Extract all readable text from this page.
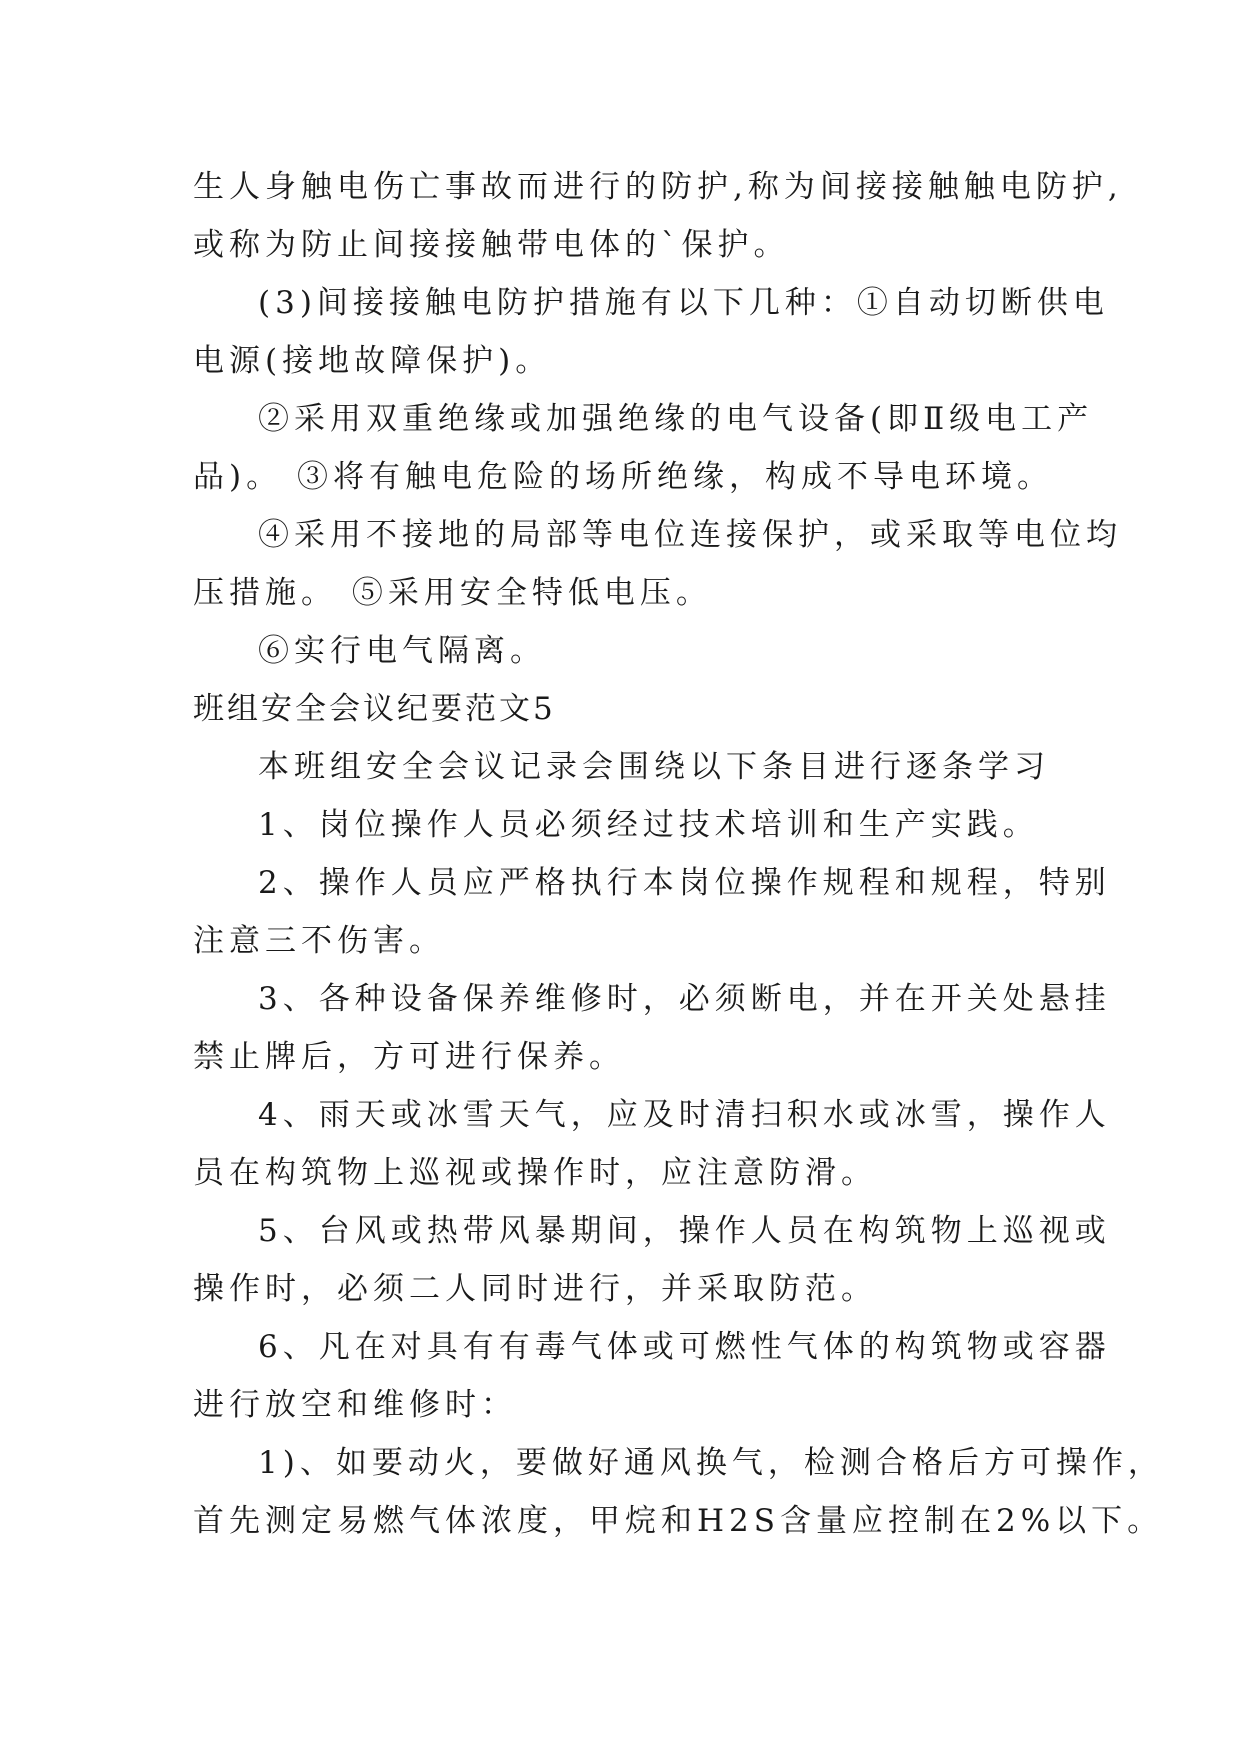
生人身触电伤亡事故而进行的防护,称为间接接触触电防护,
或称为防止间接接触带电体的`保护。
(3)间接接触电防护措施有以下几种：①自动切断供电
电源(接地故障保护)。
②采用双重绝缘或加强绝缘的电气设备(即Ⅱ级电工产
品)。 ③将有触电危险的场所绝缘，构成不导电环境。
④采用不接地的局部等电位连接保护，或采取等电位均
压措施。 ⑤采用安全特低电压。
⑥实行电气隔离。
班组安全会议纪要范文5
本班组安全会议记录会围绕以下条目进行逐条学习
1、岗位操作人员必须经过技术培训和生产实践。
2、操作人员应严格执行本岗位操作规程和规程，特别
注意三不伤害。
3、各种设备保养维修时，必须断电，并在开关处悬挂
禁止牌后，方可进行保养。
4、雨天或冰雪天气，应及时清扫积水或冰雪，操作人
员在构筑物上巡视或操作时，应注意防滑。
5、台风或热带风暴期间，操作人员在构筑物上巡视或
操作时，必须二人同时进行，并采取防范。
6、凡在对具有有毒气体或可燃性气体的构筑物或容器
进行放空和维修时：
1)、如要动火，要做好通风换气，检测合格后方可操作，
首先测定易燃气体浓度，甲烷和H2S含量应控制在2%以下。
